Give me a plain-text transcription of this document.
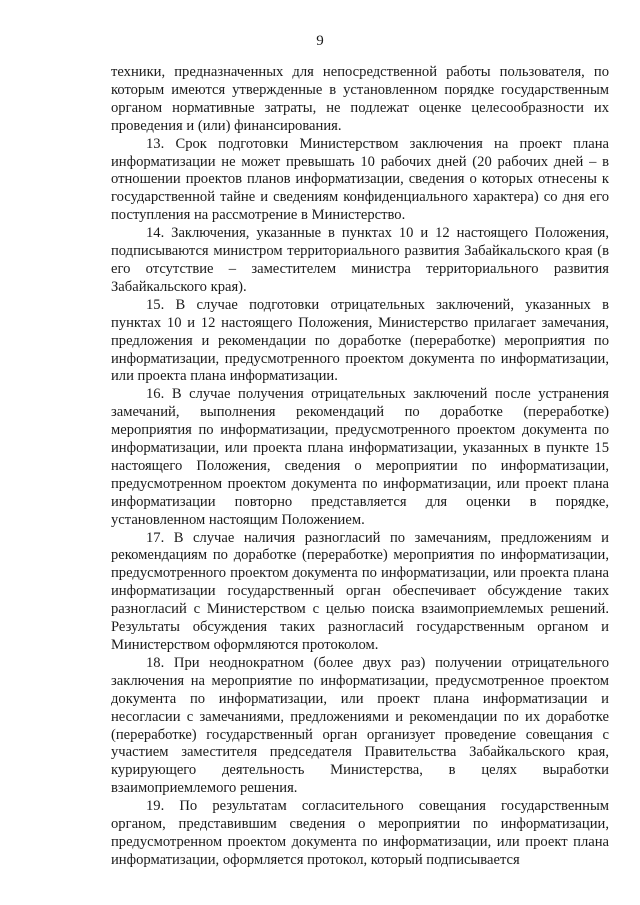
9

техники, предназначенных для непосредственной работы пользователя, по которым имеются утвержденные в установленном порядке государственным органом нормативные затраты, не подлежат оценке целесообразности их проведения и (или) финансирования.

13. Срок подготовки Министерством заключения на проект плана информатизации не может превышать 10 рабочих дней (20 рабочих дней – в отношении проектов планов информатизации, сведения о которых отнесены к государственной тайне и сведениям конфиденциального характера) со дня его поступления на рассмотрение в Министерство.

14. Заключения, указанные в пунктах 10 и 12 настоящего Положения, подписываются министром территориального развития Забайкальского края (в его отсутствие – заместителем министра территориального развития Забайкальского края).

15. В случае подготовки отрицательных заключений, указанных в пунктах 10 и 12 настоящего Положения, Министерство прилагает замечания, предложения и рекомендации по доработке (переработке) мероприятия по информатизации, предусмотренного проектом документа по информатизации, или проекта плана информатизации.

16. В случае получения отрицательных заключений после устранения замечаний, выполнения рекомендаций по доработке (переработке) мероприятия по информатизации, предусмотренного проектом документа по информатизации, или проекта плана информатизации, указанных в пункте 15 настоящего Положения, сведения о мероприятии по информатизации, предусмотренном проектом документа по информатизации, или проект плана информатизации повторно представляется для оценки в порядке, установленном настоящим Положением.

17. В случае наличия разногласий по замечаниям, предложениям и рекомендациям по доработке (переработке) мероприятия по информатизации, предусмотренного проектом документа по информатизации, или проекта плана информатизации государственный орган обеспечивает обсуждение таких разногласий с Министерством с целью поиска взаимоприемлемых решений. Результаты обсуждения таких разногласий государственным органом и Министерством оформляются протоколом.

18. При неоднократном (более двух раз) получении отрицательного заключения на мероприятие по информатизации, предусмотренное проектом документа по информатизации, или проект плана информатизации и несогласии с замечаниями, предложениями и рекомендации по их доработке (переработке) государственный орган организует проведение совещания с участием заместителя председателя Правительства Забайкальского края, курирующего деятельность Министерства, в целях выработки взаимоприемлемого решения.

19. По результатам согласительного совещания государственным органом, представившим сведения о мероприятии по информатизации, предусмотренном проектом документа по информатизации, или проект плана информатизации, оформляется протокол, который подписывается
